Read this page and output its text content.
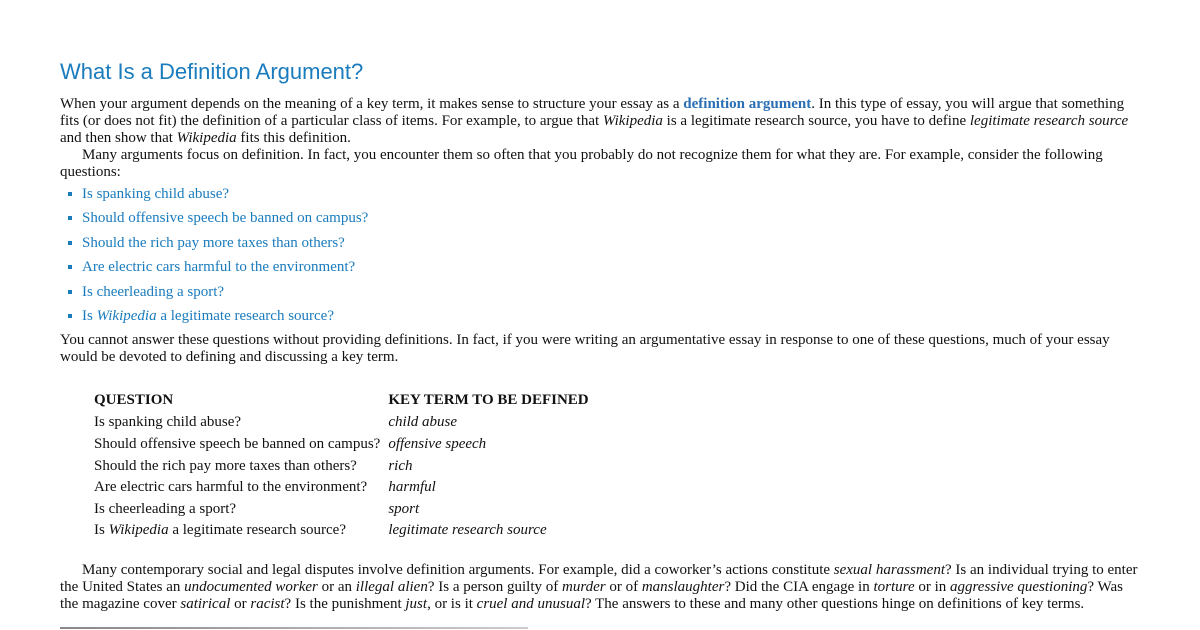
What Is a Definition Argument?

When your argument depends on the meaning of a key term, it makes sense to structure your essay as a definition argument. In this type of essay, you will argue that something fits (or does not fit) the definition of a particular class of items. For example, to argue that Wikipedia is a legitimate research source, you have to define legitimate research source and then show that Wikipedia fits this definition.

Many arguments focus on definition. In fact, you encounter them so often that you probably do not recognize them for what they are. For example, consider the following questions:

Is spanking child abuse?
Should offensive speech be banned on campus?
Should the rich pay more taxes than others?
Are electric cars harmful to the environment?
Is cheerleading a sport?
Is Wikipedia a legitimate research source?

You cannot answer these questions without providing definitions. In fact, if you were writing an argumentative essay in response to one of these questions, much of your essay would be devoted to defining and discussing a key term.

QUESTION	KEY TERM TO BE DEFINED
Is spanking child abuse?	child abuse
Should offensive speech be banned on campus?	offensive speech
Should the rich pay more taxes than others?	rich
Are electric cars harmful to the environment?	harmful
Is cheerleading a sport?	sport
Is Wikipedia a legitimate research source?	legitimate research source

Many contemporary social and legal disputes involve definition arguments. For example, did a coworker’s actions constitute sexual harassment? Is an individual trying to enter the United States an undocumented worker or an illegal alien? Is a person guilty of murder or of manslaughter? Did the CIA engage in torture or in aggressive questioning? Was the magazine cover satirical or racist? Is the punishment just, or is it cruel and unusual? The answers to these and many other questions hinge on definitions of key terms.
